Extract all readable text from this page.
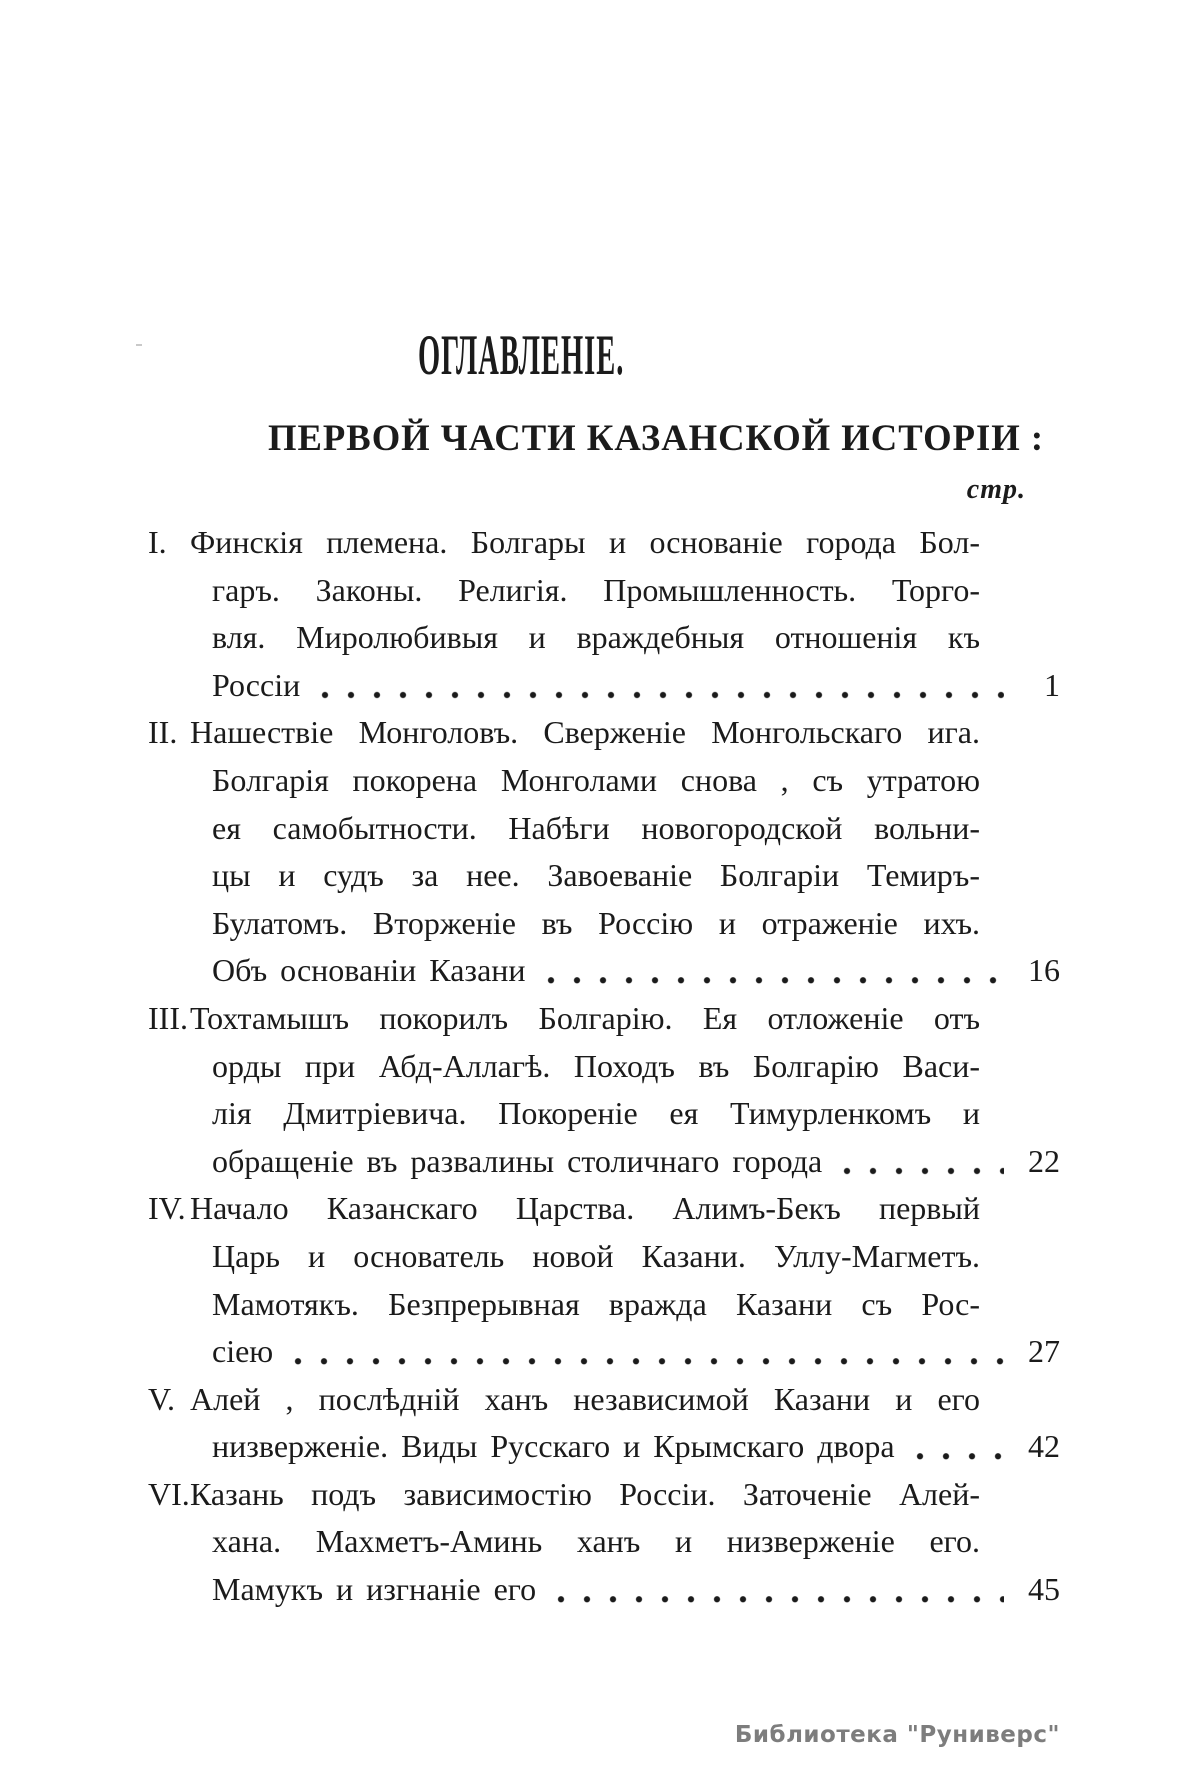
ОГЛАВЛЕНІЕ.
ПЕРВОЙ ЧАСТИ КАЗАНСКОЙ ИСТОРІИ :
стр.
I. Финскія племена. Болгары и основаніе города Бол-
гаръ. Законы. Религія. Промышленность. Торго-
вля. Миролюбивыя и враждебныя отношенія къ
Россіи	1
II. Нашествіе Монголовъ. Сверженіе Монгольскаго ига.
Болгарія покорена Монголами снова , съ утратою
ея самобытности. Набѣги новогородской вольни-
цы и судъ за нее. Завоеваніе Болгаріи Темиръ-
Булатомъ. Вторженіе въ Россію и отраженіе ихъ.
Объ основаніи Казани	16
III. Тохтамышъ покорилъ Болгарію. Ея отложеніе отъ
орды при Абд-Аллагѣ. Походъ въ Болгарію Васи-
лія Дмитріевича. Покореніе ея Тимурленкомъ и
обращеніе въ развалины столичнаго города	22
IV. Начало Казанскаго Царства. Алимъ-Бекъ первый
Царь и основатель новой Казани. Уллу-Магметъ.
Мамотякъ. Безпрерывная вражда Казани съ Рос-
сіею	27
V. Алей , послѣдній ханъ независимой Казани и его
низверженіе. Виды Русскаго и Крымскаго двора	42
VI. Казань подъ зависимостію Россіи. Заточеніе Алей-
хана. Махметъ-Аминь ханъ и низверженіе его.
Мамукъ и изгнаніе его	45
Библиотека "Руниверс"
